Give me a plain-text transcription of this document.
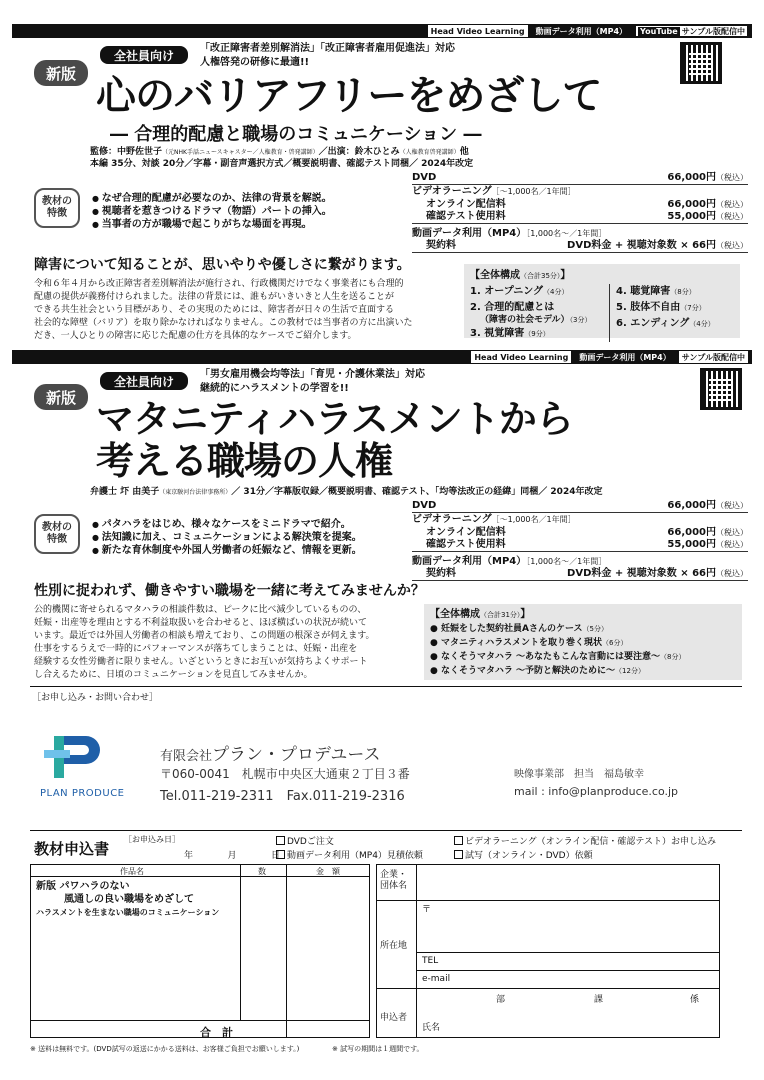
Head Video Learning	動画データ利用（MP4） YouTube サンプル版配信中
新版
全社員向け	「改正障害者差別解消法」「改正障害者雇用促進法」対応
人権啓発の研修に最適!!
心のバリアフリーをめざして
― 合理的配慮と職場のコミュニケーション ―
監修：中野佐世子（元NHK手話ニュースキャスター／人権教育・啓発講師）／出演：鈴木ひとみ（人権教育啓発講師）他
本編 35分、対談 20分／字幕・副音声選択方式／概要説明書、確認テスト同梱／ 2024年改定
教材の
特徴
● なぜ合理的配慮が必要なのか、法律の背景を解説。
● 視聴者を惹きつけるドラマ（物語）パートの挿入。
● 当事者の方が職場で起こりがちな場面を再現。
DVD	66,000円（税込）
ビデオラーニング［〜1,000名／1年間］
オンライン配信料	66,000円（税込）
確認テスト使用料	55,000円（税込）
動画データ利用（MP4）［1,000名〜／1年間］
契約料	DVD料金 + 視聴対象数 × 66円（税込）
障害について知ることが、思いやりや優しさに繋がります。
令和６年４月から改正障害者差別解消法が施行され、行政機関だけでなく事業者にも合理的
配慮の提供が義務付けられました。法律の背景には、誰もがいきいきと人生を送ることが
できる共生社会という目標があり、その実現のためには、障害者が日々の生活で直面する
社会的な障壁（バリア）を取り除かなければなりません。この教材では当事者の方に出演いた
だき、一人ひとりの障害に応じた配慮の仕方を具体的なケースでご紹介します。
【全体構成（合計35分）】
1. オープニング（4分）
2. 合理的配慮とは
（障害の社会モデル）（3分）
3. 視覚障害（9分）
4. 聴覚障害（8分）
5. 肢体不自由（7分）
6. エンディング（4分）
Head Video Learning	動画データ利用（MP4）	サンプル版配信中
新版
全社員向け	「男女雇用機会均等法」「育児・介護休業法」対応
継続的にハラスメントの学習を!!
マタニティハラスメントから
考える職場の人権
弁護士 圷 由美子（東京駿河台法律事務所）／ 31分／字幕版収録／概要説明書、確認テスト、「均等法改正の経緯」同梱／ 2024年改定
教材の
特徴
● パタハラをはじめ、様々なケースをミニドラマで紹介。
● 法知識に加え、コミュニケーションによる解決策を提案。
● 新たな育休制度や外国人労働者の妊娠など、情報を更新。
DVD	66,000円（税込）
ビデオラーニング［〜1,000名／1年間］
オンライン配信料	66,000円（税込）
確認テスト使用料	55,000円（税込）
動画データ利用（MP4）［1,000名〜／1年間］
契約料	DVD料金 + 視聴対象数 × 66円（税込）
性別に捉われず、働きやすい職場を一緒に考えてみませんか？
公的機関に寄せられるマタハラの相談件数は、ピークに比べ減少しているものの、
妊娠・出産等を理由とする不利益取扱いを合わせると、ほぼ横ばいの状況が続いて
います。最近では外国人労働者の相談も増えており、この問題の根深さが伺えます。
仕事をするうえで一時的にパフォーマンスが落ちてしまうことは、妊娠・出産を
経験する女性労働者に限りません。いざというときにお互いが気持ちよくサポート
し合えるために、日頃のコミュニケーションを見直してみませんか。
【全体構成（合計31分）】
● 妊娠をした契約社員Aさんのケース（5分）
● マタニティハラスメントを取り巻く現状（6分）
● なくそうマタハラ ～あなたもこんな言動には要注意～（8分）
● なくそうマタハラ ～予防と解決のために～（12分）
［お申し込み・お問い合わせ］
PLAN PRODUCE
有限会社プラン・プロデユース
〒060-0041　札幌市中央区大通東２丁目３番
Tel.011-219-2311　Fax.011-219-2316
映像事業部　担当　福島敏幸
mail : info@planproduce.co.jp
教材申込書
［お申込み日］
年	月	日
DVDご注文
動画データ利用（MP4）見積依頼
ビデオラーニング（オンライン配信・確認テスト）お申し込み
試写（オンライン・DVD）依頼
作品名	数	金　額
新版 パワハラのない
風通しの良い職場をめざして
ハラスメントを生まない職場のコミュニケーション
合　計
企業・
団体名
所在地
〒
TEL
e-mail
申込者
部	課	係
氏名
※ 送料は無料です。(DVD試写の返送にかかる送料は、お客様ご負担でお願いします。)	※ 試写の期間は１週間です。
